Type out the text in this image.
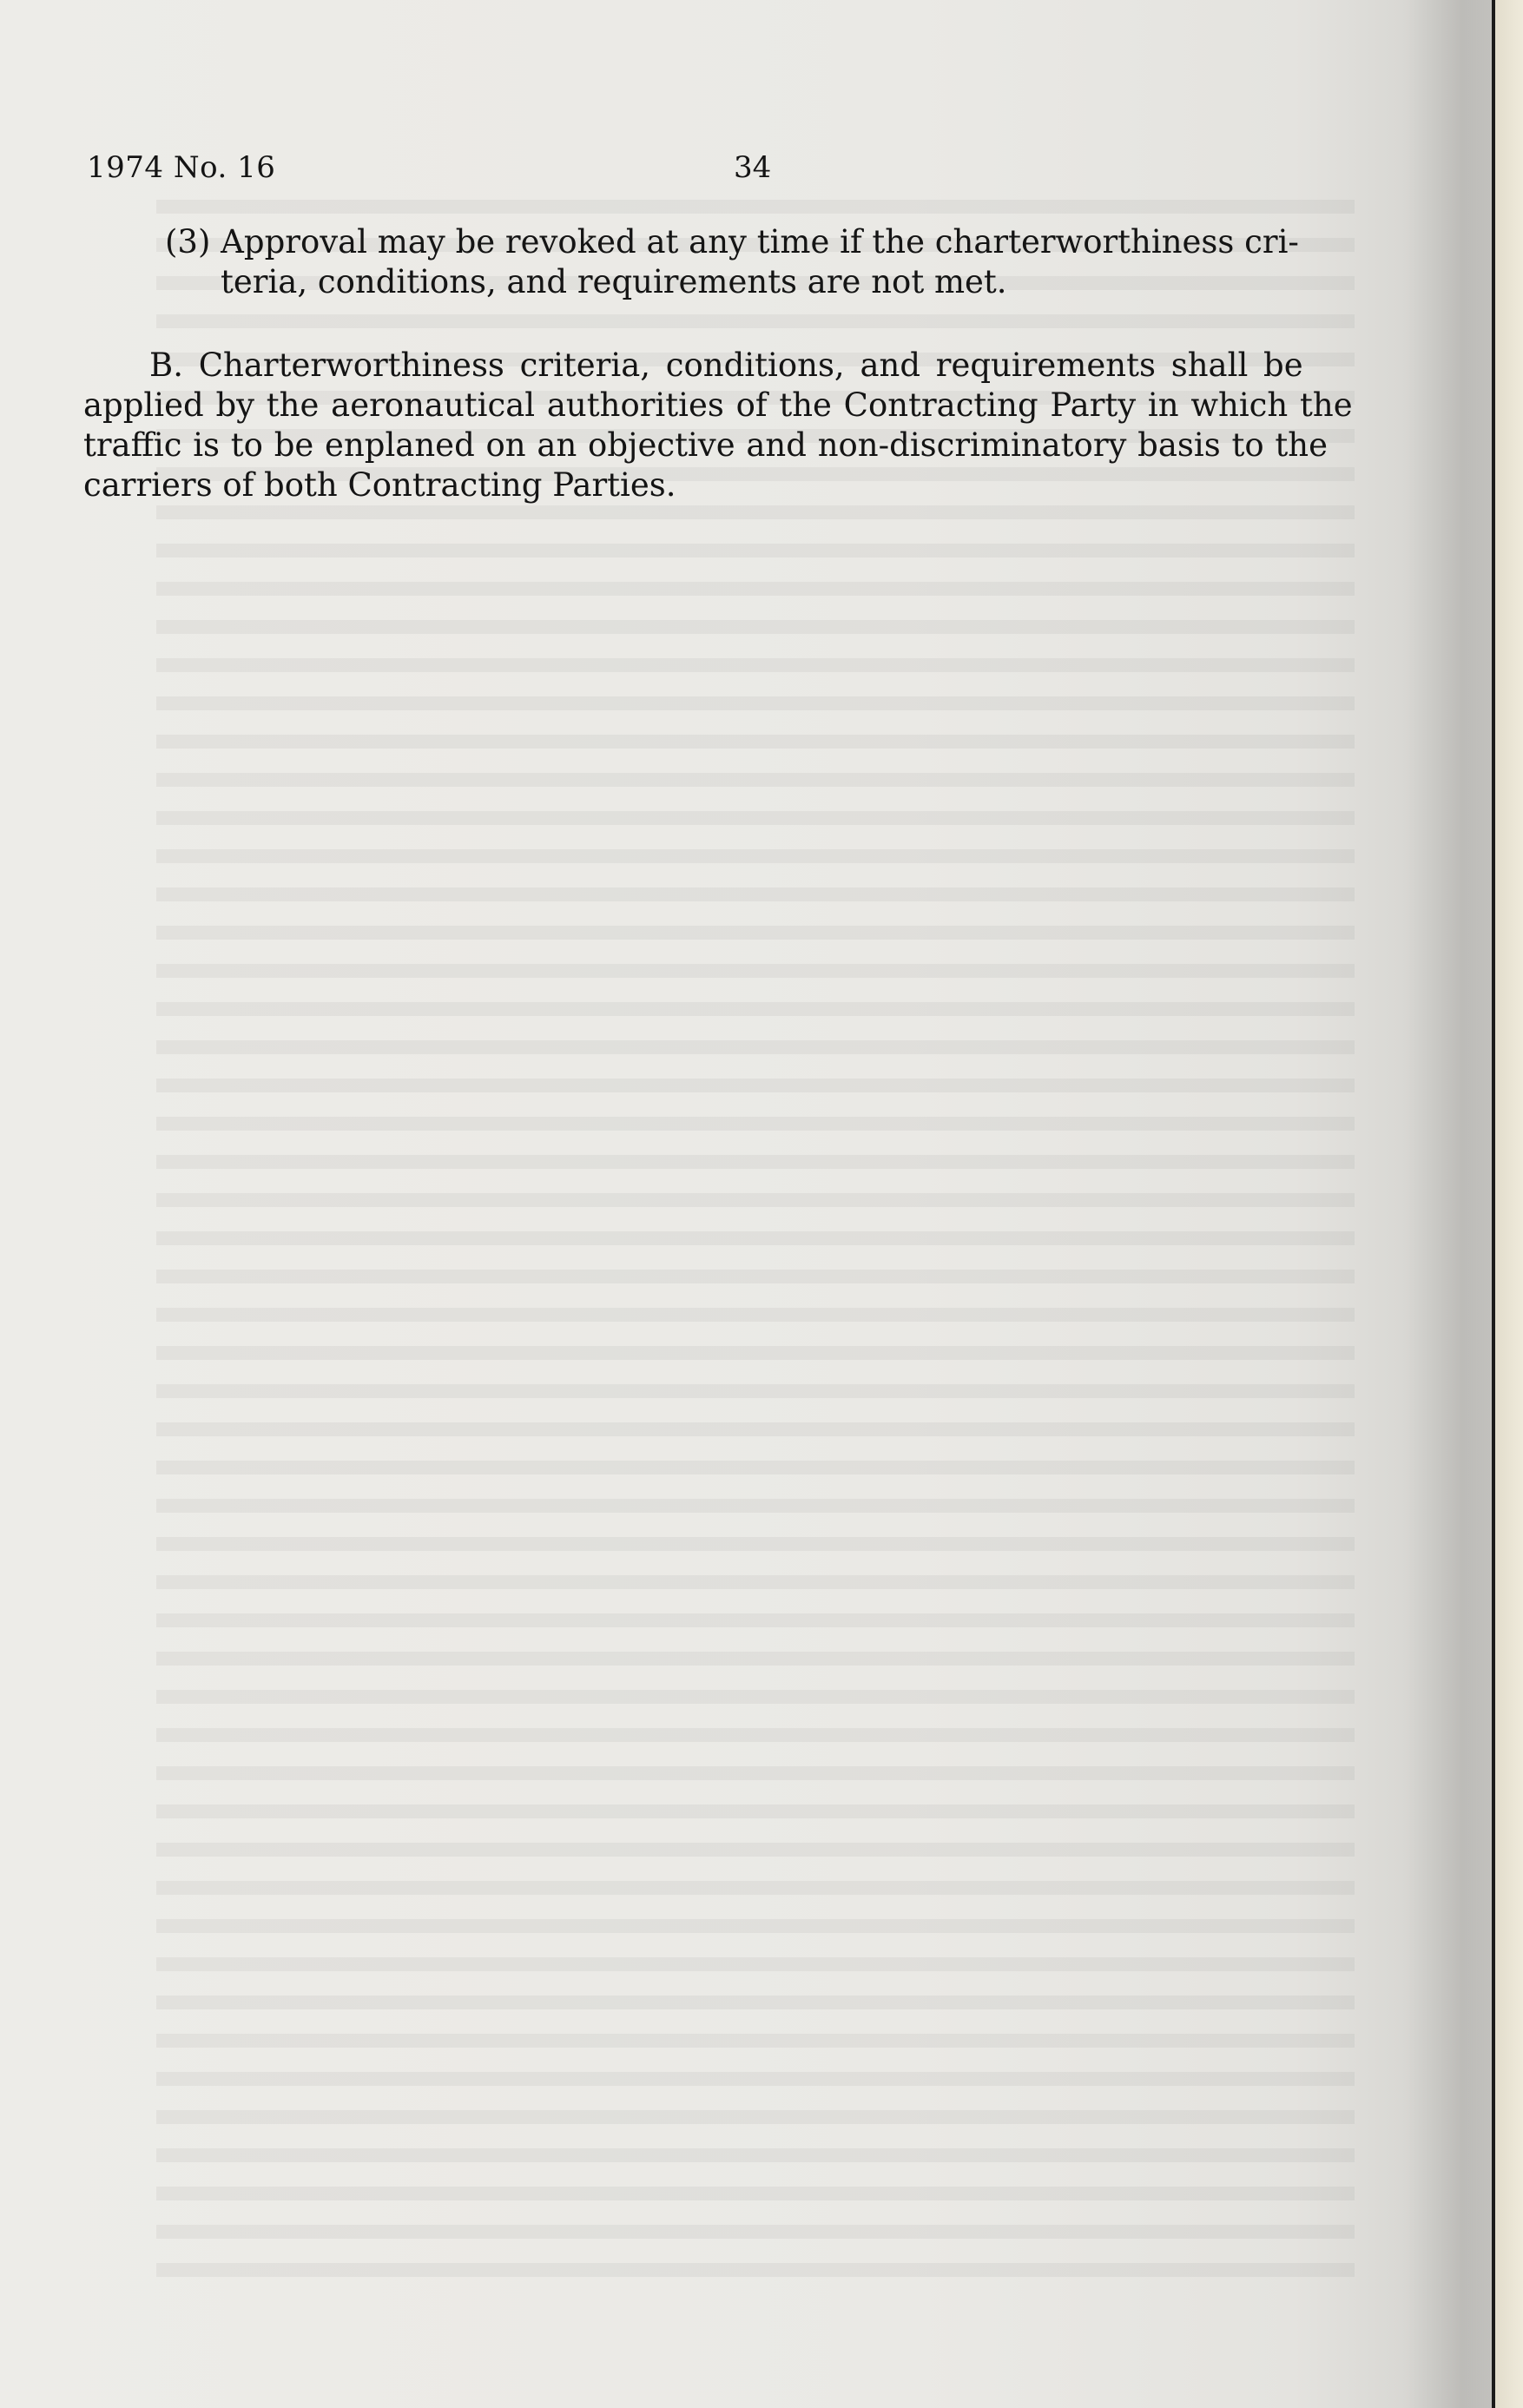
1974 No. 16	34
(3) Approval may be revoked at any time if the charterworthiness cri-
teria, conditions, and requirements are not met.
B. Charterworthiness criteria, conditions, and requirements shall be
applied by the aeronautical authorities of the Contracting Party in which the
traffic is to be enplaned on an objective and non-discriminatory basis to the
carriers of both Contracting Parties.
